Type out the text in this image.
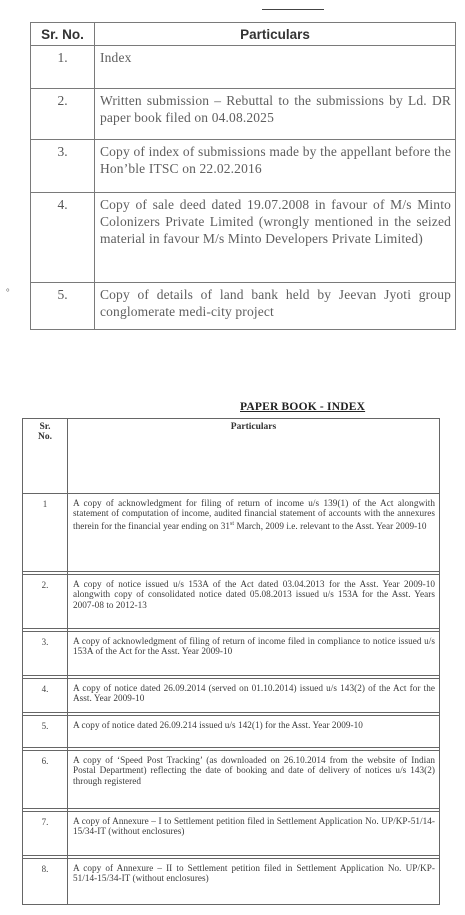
°
Sr. No.	Particulars
1.	Index
2.	Written submission – Rebuttal to the submissions by Ld. DR paper book filed on 04.08.2025
3.	Copy of index of submissions made by the appellant before the Hon’ble ITSC on 22.02.2016
4.	Copy of sale deed dated 19.07.2008 in favour of M/s Minto Colonizers Private Limited (wrongly mentioned in the seized material in favour M/s Minto Developers Private Limited)
5.	Copy of details of land bank held by Jeevan Jyoti group conglomerate medi-city project
PAPER BOOK - INDEX
Sr.
No.	Particulars
1	A copy of acknowledgment for filing of return of income u/s 139(1) of the Act alongwith statement of computation of income, audited financial statement of accounts with the annexures therein for the financial year ending on 31st March, 2009 i.e. relevant to the Asst. Year 2009-10

2.	A copy of notice issued u/s 153A of the Act dated 03.04.2013 for the Asst. Year 2009-10 alongwith copy of consolidated notice dated 05.08.2013 issued u/s 153A for the Asst. Years 2007-08 to 2012-13

3.	A copy of acknowledgment of filing of return of income filed in compliance to notice issued u/s 153A of the Act for the Asst. Year 2009-10

4.	A copy of notice dated 26.09.2014 (served on 01.10.2014) issued u/s 143(2) of the Act for the Asst. Year 2009-10

5.	A copy of notice dated 26.09.214 issued u/s 142(1) for the Asst. Year 2009-10

6.	A copy of ‘Speed Post Tracking’ (as downloaded on 26.10.2014 from the website of Indian Postal Department) reflecting the date of booking and date of delivery of notices u/s 143(2) through registered

7.	A copy of Annexure – I to Settlement petition filed in Settlement Application No. UP/KP-51/14-15/34-IT (without enclosures)

8.	A copy of Annexure – II to Settlement petition filed in Settlement Application No. UP/KP-51/14-15/34-IT (without enclosures)
